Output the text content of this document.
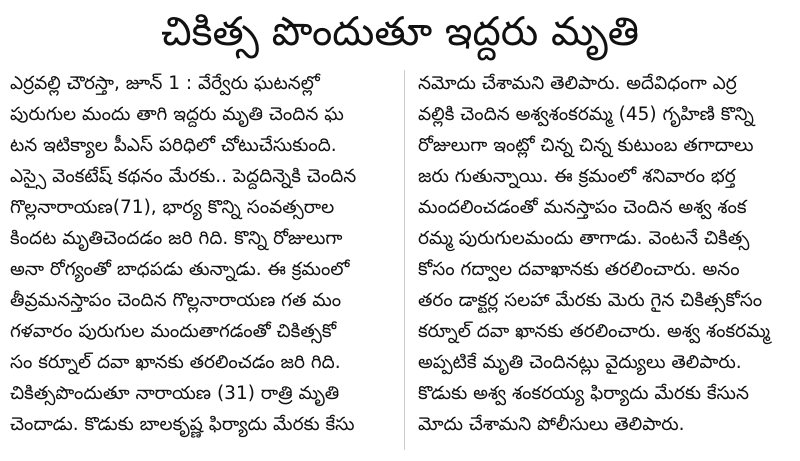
చికిత్స పొందుతూ ఇద్దరు మృతి
ఎర్రవల్లి చౌరస్తా, జూన్ 1 : వేర్వేరు ఘటనల్లో
పురుగుల మందు తాగి ఇద్దరు మృతి చెందిన ఘ
టన ఇటిక్యాల పీఎస్ పరిధిలో చోటుచేసుకుంది.
ఎస్సై వెంకటేష్ కథనం మేరకు.. పెద్దదిన్నెకి చెందిన
గొల్లనారాయణ(71), భార్య కొన్ని సంవత్సరాల
కిందట మృతిచెందడం జరి గిది. కొన్ని రోజులుగా
అనా రోగ్యంతో బాధపడు తున్నాడు. ఈ క్రమంలో
తీవ్రమనస్తాపం చెందిన గొల్లనారాయణ గత మం
గళవారం పురుగుల మందుతాగడంతో చికిత్సకో
సం కర్నూల్ దవా ఖానకు తరలించడం జరి గిది.
చికిత్సపొందుతూ నారాయణ (31) రాత్రి మృతి
చెందాడు. కొడుకు బాలకృష్ణ ఫిర్యాదు మేరకు కేసు
నమోదు చేశామని తెలిపారు. అదేవిధంగా ఎర్ర
వల్లికి చెందిన అశ్వశంకరమ్మ (45) గృహిణి కొన్ని
రోజులుగా ఇంట్లో చిన్న చిన్న కుటుంబ తగాదాలు
జరు గుతున్నాయి. ఈ క్రమంలో శనివారం భర్త
మందలించడంతో మనస్తాపం చెందిన అశ్వ శంక
రమ్మ పురుగులమందు తాగాడు. వెంటనే చికిత్స
కోసం గద్వాల దవాఖానకు తరలించారు. అనం
తరం డాక్టర్ల సలహా మేరకు మెరు గైన చికిత్సకోసం
కర్నూల్ దవా ఖానకు తరలించారు. అశ్వ శంకరమ్మ
అప్పటికే మృతి చెందినట్లు వైద్యులు తెలిపారు.
కొడుకు అశ్వ శంకరయ్య ఫిర్యాదు మేరకు కేసున
మోదు చేశామని పోలీసులు తెలిపారు.
